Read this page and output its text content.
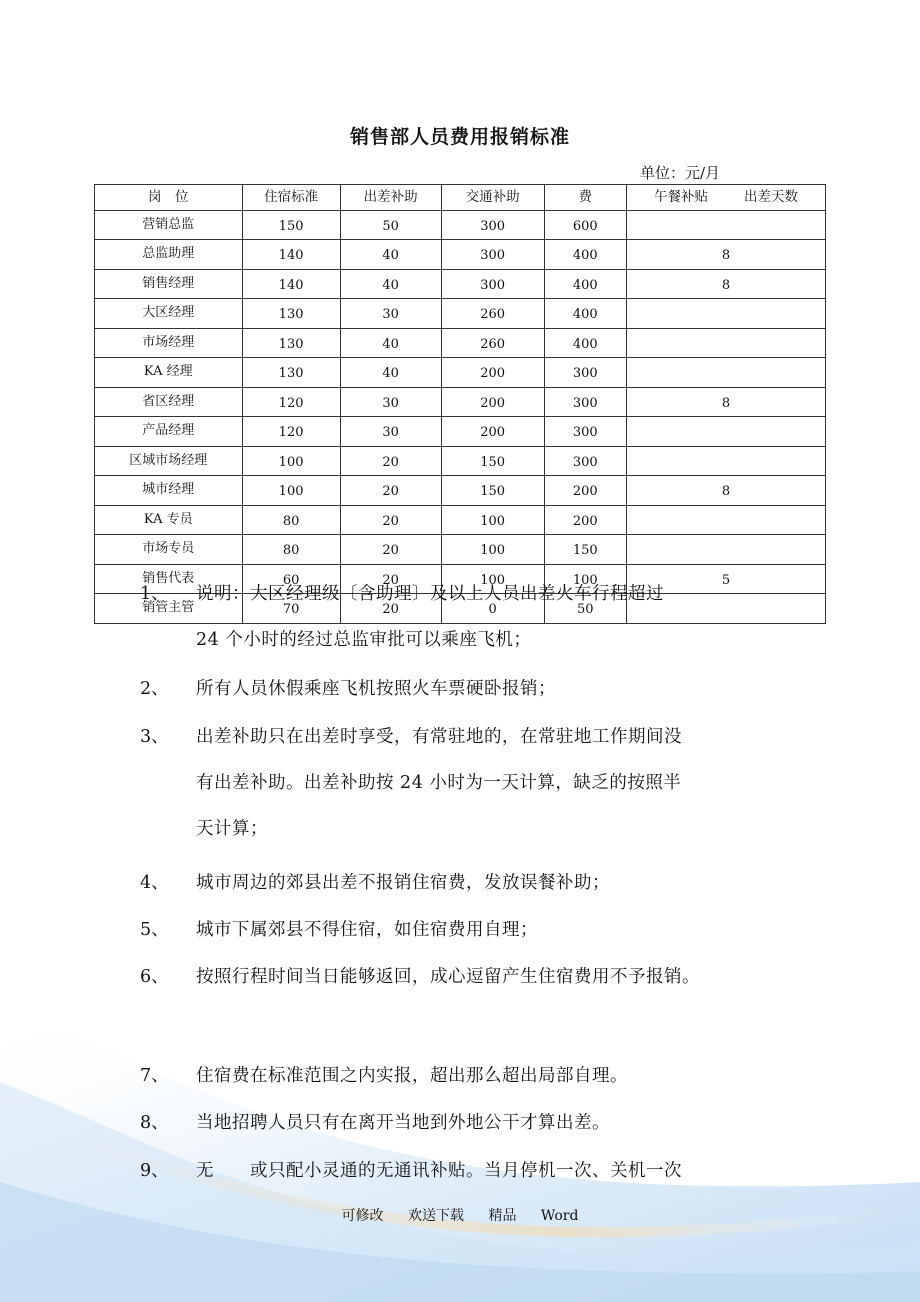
销售部人员费用报销标准
单位：元/月
岗　位	住宿标准	出差补助	交通补助	费	午餐补贴 出差天数
营销总监	150	50	300	600	
总监助理	140	40	300	400	8
销售经理	140	40	300	400	8
大区经理	130	30	260	400	
市场经理	130	40	260	400	
KA 经理	130	40	200	300	
省区经理	120	30	200	300	8
产品经理	120	30	200	300	
区域市场经理	100	20	150	300	
城市经理	100	20	150	200	8
KA 专员	80	20	100	200	
市场专员	80	20	100	150	
销售代表	60	20	100	100	5
销管主管	70	20	0	50	
1、 说明：大区经理级〔含助理〕及以上人员出差火车行程超过
24 个小时的经过总监审批可以乘座飞机；
2、 所有人员休假乘座飞机按照火车票硬卧报销；
3、 出差补助只在出差时享受，有常驻地的，在常驻地工作期间没
有出差补助。出差补助按 24 小时为一天计算，缺乏的按照半
天计算；
4、 城市周边的郊县出差不报销住宿费，发放误餐补助；
5、 城市下属郊县不得住宿，如住宿费用自理；
6、 按照行程时间当日能够返回，成心逗留产生住宿费用不予报销。
7、 住宿费在标准范围之内实报，超出那么超出局部自理。
8、 当地招聘人员只有在离开当地到外地公干才算出差。
9、 无　　或只配小灵通的无通讯补贴。当月停机一次、关机一次
可修改 欢送下载 精品 Word
